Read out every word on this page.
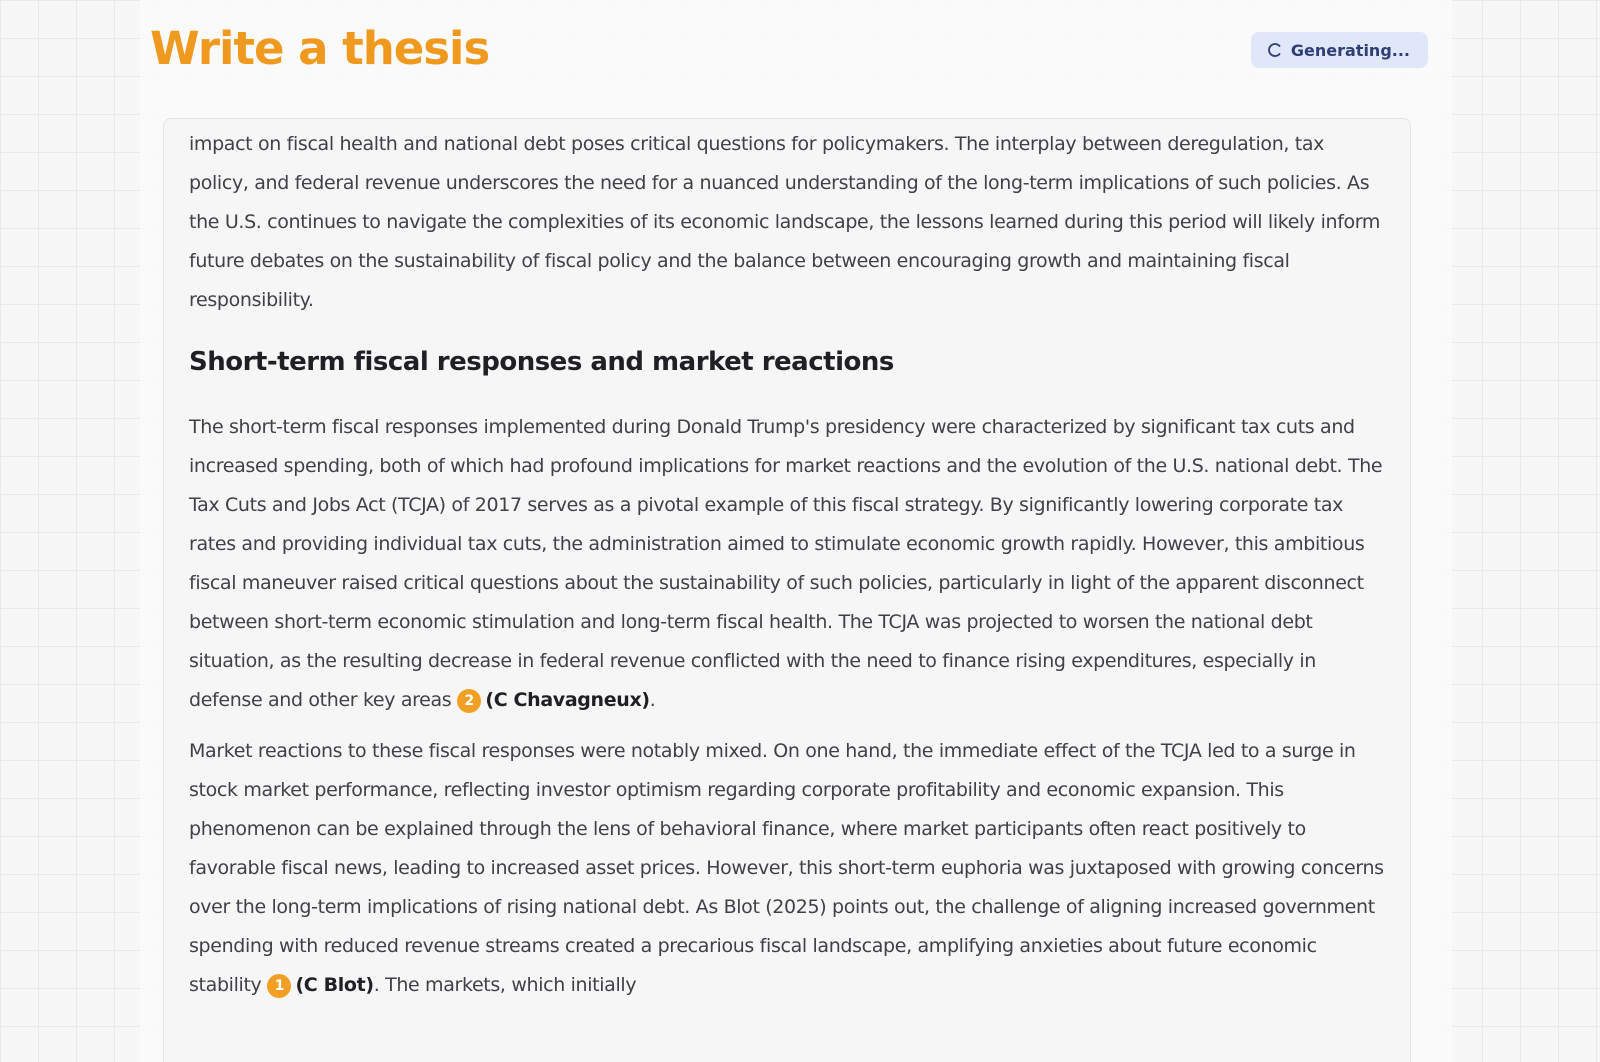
Write a thesis	Generating...

impact on fiscal health and national debt poses critical questions for policymakers. The interplay between deregulation, tax policy, and federal revenue underscores the need for a nuanced understanding of the long-term implications of such policies. As the U.S. continues to navigate the complexities of its economic landscape, the lessons learned during this period will likely inform future debates on the sustainability of fiscal policy and the balance between encouraging growth and maintaining fiscal responsibility.

Short-term fiscal responses and market reactions

The short-term fiscal responses implemented during Donald Trump's presidency were characterized by significant tax cuts and increased spending, both of which had profound implications for market reactions and the evolution of the U.S. national debt. The Tax Cuts and Jobs Act (TCJA) of 2017 serves as a pivotal example of this fiscal strategy. By significantly lowering corporate tax rates and providing individual tax cuts, the administration aimed to stimulate economic growth rapidly. However, this ambitious fiscal maneuver raised critical questions about the sustainability of such policies, particularly in light of the apparent disconnect between short-term economic stimulation and long-term fiscal health. The TCJA was projected to worsen the national debt situation, as the resulting decrease in federal revenue conflicted with the need to finance rising expenditures, especially in defense and other key areas 2 (C Chavagneux).

Market reactions to these fiscal responses were notably mixed. On one hand, the immediate effect of the TCJA led to a surge in stock market performance, reflecting investor optimism regarding corporate profitability and economic expansion. This phenomenon can be explained through the lens of behavioral finance, where market participants often react positively to favorable fiscal news, leading to increased asset prices. However, this short-term euphoria was juxtaposed with growing concerns over the long-term implications of rising national debt. As Blot (2025) points out, the challenge of aligning increased government spending with reduced revenue streams created a precarious fiscal landscape, amplifying anxieties about future economic stability 1 (C Blot). The markets, which initially
